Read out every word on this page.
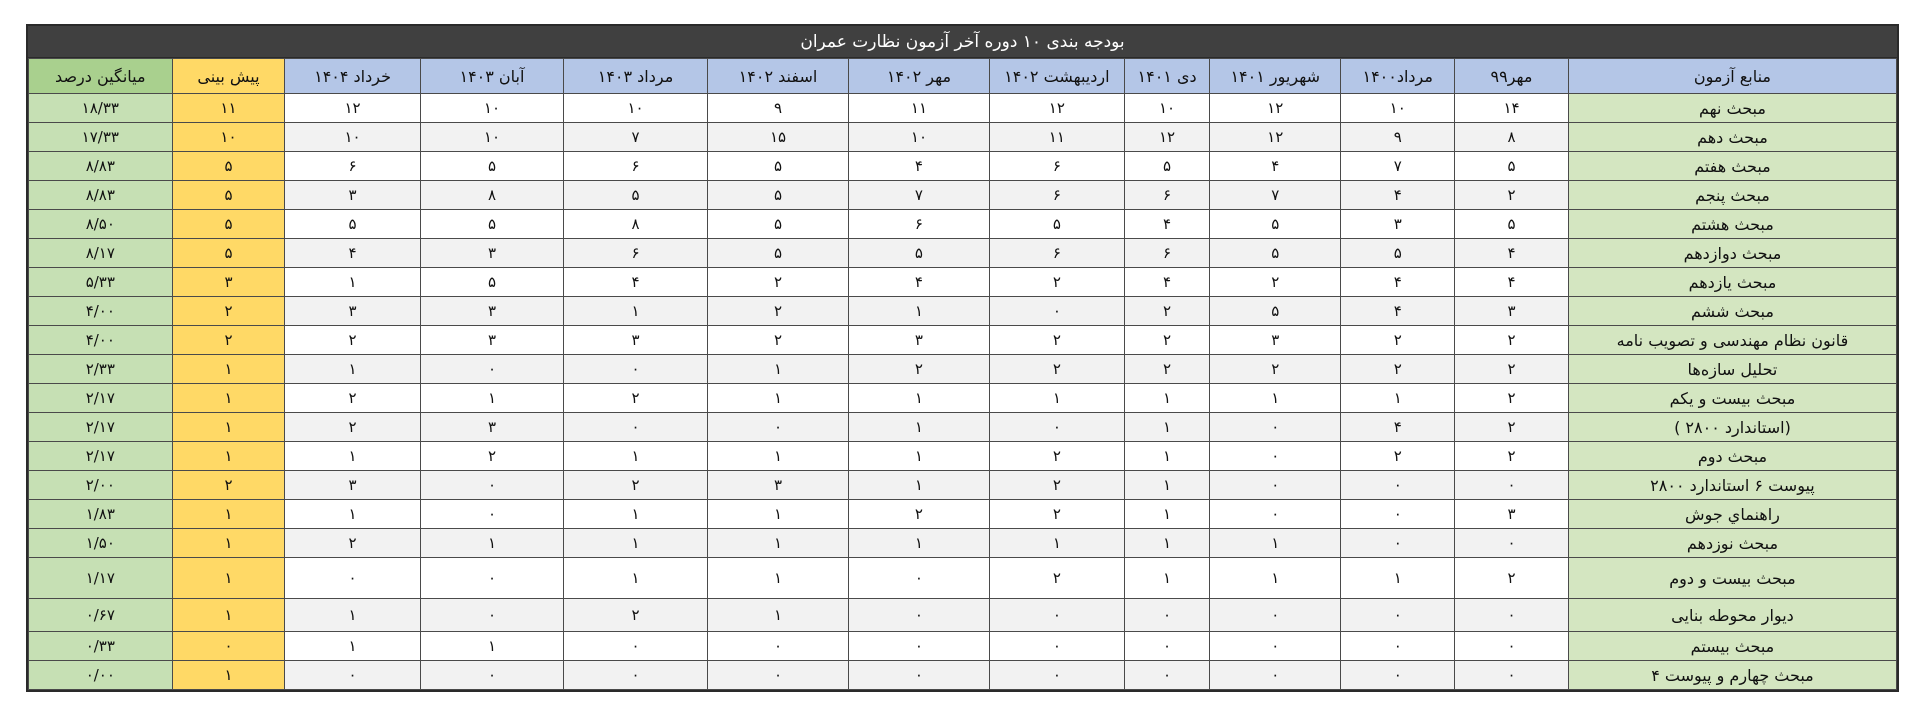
بودجه بندی ۱۰ دوره آخر آزمون نظارت عمران
منابع آزمون	مهر۹۹	مرداد۱۴۰۰	شهریور ۱۴۰۱	دی ۱۴۰۱	اردیبهشت ۱۴۰۲	مهر ۱۴۰۲	اسفند ۱۴۰۲	مرداد ۱۴۰۳	آبان ۱۴۰۳	خرداد ۱۴۰۴	پیش بینی	میانگین درصد
مبحث نهم	۱۴	۱۰	۱۲	۱۰	۱۲	۱۱	۹	۱۰	۱۰	۱۲	۱۱	۱۸/۳۳
مبحث دهم	۸	۹	۱۲	۱۲	۱۱	۱۰	۱۵	۷	۱۰	۱۰	۱۰	۱۷/۳۳
مبحث هفتم	۵	۷	۴	۵	۶	۴	۵	۶	۵	۶	۵	۸/۸۳
مبحث پنجم	۲	۴	۷	۶	۶	۷	۵	۵	۸	۳	۵	۸/۸۳
مبحث هشتم	۵	۳	۵	۴	۵	۶	۵	۸	۵	۵	۵	۸/۵۰
مبحث دوازدهم	۴	۵	۵	۶	۶	۵	۵	۶	۳	۴	۵	۸/۱۷
مبحث یازدهم	۴	۴	۲	۴	۲	۴	۲	۴	۵	۱	۳	۵/۳۳
مبحث ششم	۳	۴	۵	۲	۰	۱	۲	۱	۳	۳	۲	۴/۰۰
قانون نظام مهندسی و تصویب نامه	۲	۲	۳	۲	۲	۳	۲	۳	۳	۲	۲	۴/۰۰
تحلیل سازه‌ها	۲	۲	۲	۲	۲	۲	۱	۰	۰	۱	۱	۲/۳۳
مبحث بیست و یکم	۲	۱	۱	۱	۱	۱	۱	۲	۱	۲	۱	۲/۱۷
(استاندارد ۲۸۰۰ )	۲	۴	۰	۱	۰	۱	۰	۰	۳	۲	۱	۲/۱۷
مبحث دوم	۲	۲	۰	۱	۲	۱	۱	۱	۲	۱	۱	۲/۱۷
پیوست ۶ استاندارد ۲۸۰۰	۰	۰	۰	۱	۲	۱	۳	۲	۰	۳	۲	۲/۰۰
راهنماي جوش	۳	۰	۰	۱	۲	۲	۱	۱	۰	۱	۱	۱/۸۳
مبحث نوزدهم	۰	۰	۱	۱	۱	۱	۱	۱	۱	۲	۱	۱/۵۰
مبحث بیست و دوم	۲	۱	۱	۱	۲	۰	۱	۱	۰	۰	۱	۱/۱۷
دیوار محوطه بنایی	۰	۰	۰	۰	۰	۰	۱	۲	۰	۱	۱	۰/۶۷
مبحث بیستم	۰	۰	۰	۰	۰	۰	۰	۰	۱	۱	۰	۰/۳۳
مبحث چهارم و پیوست ۴	۰	۰	۰	۰	۰	۰	۰	۰	۰	۰	۱	۰/۰۰
